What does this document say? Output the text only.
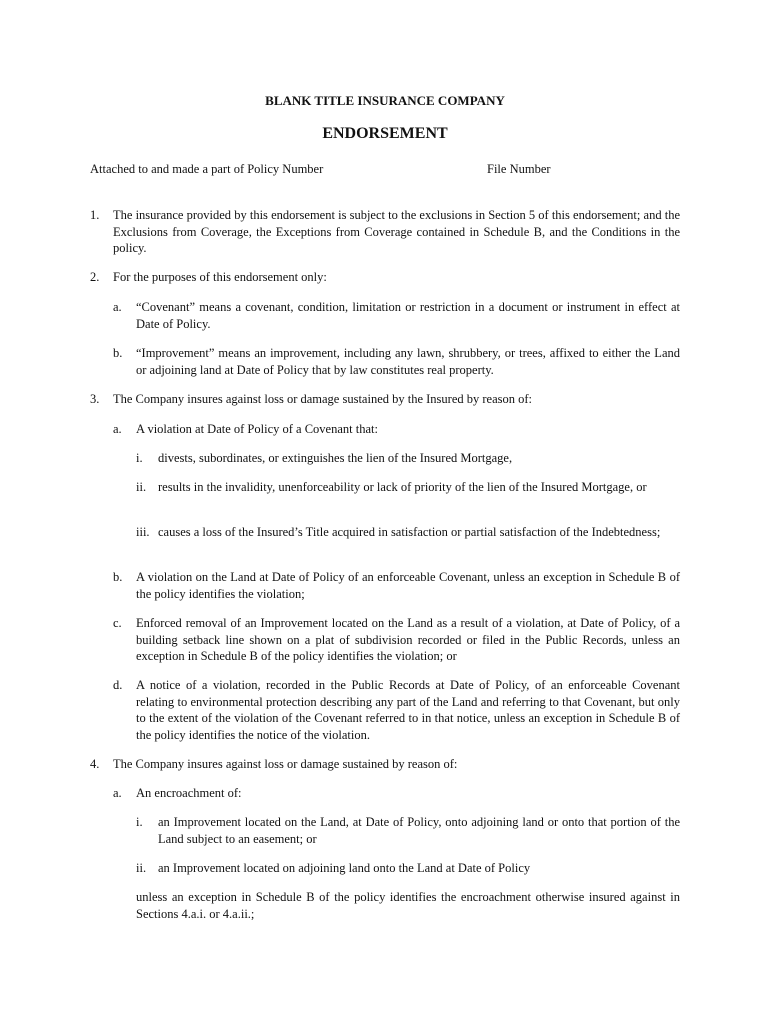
BLANK TITLE INSURANCE COMPANY
ENDORSEMENT
Attached to and made a part of Policy Number	File Number
1. The insurance provided by this endorsement is subject to the exclusions in Section 5 of this endorsement; and the Exclusions from Coverage, the Exceptions from Coverage contained in Schedule B, and the Conditions in the policy.
2. For the purposes of this endorsement only:
a. “Covenant” means a covenant, condition, limitation or restriction in a document or instrument in effect at Date of Policy.
b. “Improvement” means an improvement, including any lawn, shrubbery, or trees, affixed to either the Land or adjoining land at Date of Policy that by law constitutes real property.
3. The Company insures against loss or damage sustained by the Insured by reason of:
a. A violation at Date of Policy of a Covenant that:
i. divests, subordinates, or extinguishes the lien of the Insured Mortgage,
ii. results in the invalidity, unenforceability or lack of priority of the lien of the Insured Mortgage, or
iii. causes a loss of the Insured’s Title acquired in satisfaction or partial satisfaction of the Indebtedness;
b. A violation on the Land at Date of Policy of an enforceable Covenant, unless an exception in Schedule B of the policy identifies the violation;
c. Enforced removal of an Improvement located on the Land as a result of a violation, at Date of Policy, of a building setback line shown on a plat of subdivision recorded or filed in the Public Records, unless an exception in Schedule B of the policy identifies the violation; or
d. A notice of a violation, recorded in the Public Records at Date of Policy, of an enforceable Covenant relating to environmental protection describing any part of the Land and referring to that Covenant, but only to the extent of the violation of the Covenant referred to in that notice, unless an exception in Schedule B of the policy identifies the notice of the violation.
4. The Company insures against loss or damage sustained by reason of:
a. An encroachment of:
i. an Improvement located on the Land, at Date of Policy, onto adjoining land or onto that portion of the Land subject to an easement; or
ii. an Improvement located on adjoining land onto the Land at Date of Policy
unless an exception in Schedule B of the policy identifies the encroachment otherwise insured against in Sections 4.a.i. or 4.a.ii.;
